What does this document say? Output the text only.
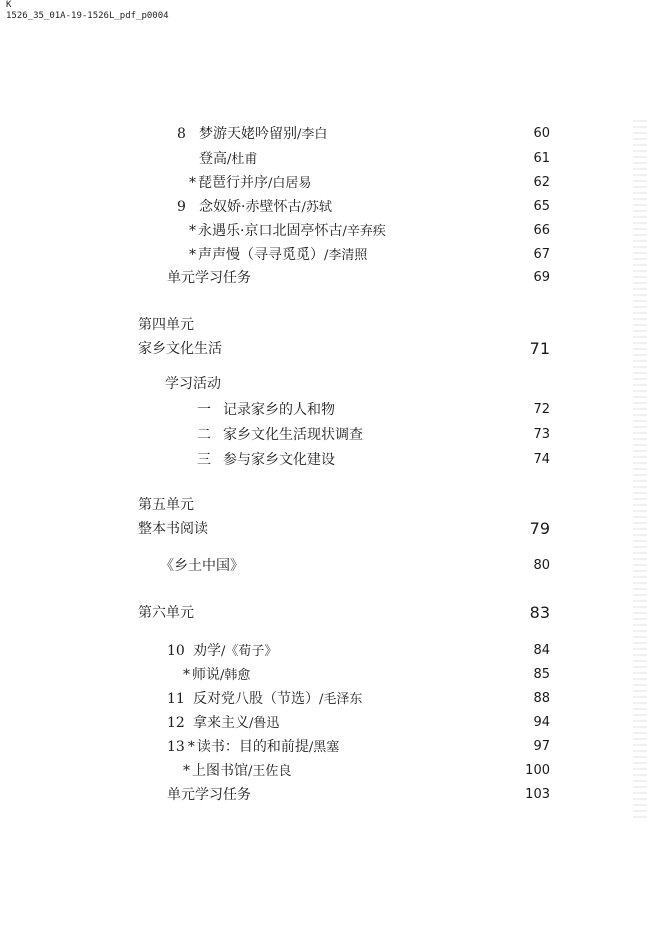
K
1526_35_01A-19-1526L_pdf_p0004
8 梦游天姥吟留别/李白	60
登高/杜甫	61
* 琵琶行并序/白居易	62
9 念奴娇·赤壁怀古/苏轼	65
* 永遇乐·京口北固亭怀古/辛弃疾	66
* 声声慢（寻寻觅觅）/李清照	67
单元学习任务	69
第四单元
家乡文化生活	71
学习活动
一 记录家乡的人和物	72
二 家乡文化生活现状调查	73
三 参与家乡文化建设	74
第五单元
整本书阅读	79
《乡土中国》	80
第六单元	83
10 劝学/《荀子》	84
* 师说/韩愈	85
11 反对党八股（节选）/毛泽东	88
12 拿来主义/鲁迅	94
13 * 读书：目的和前提/黑塞	97
* 上图书馆/王佐良	100
单元学习任务	103
